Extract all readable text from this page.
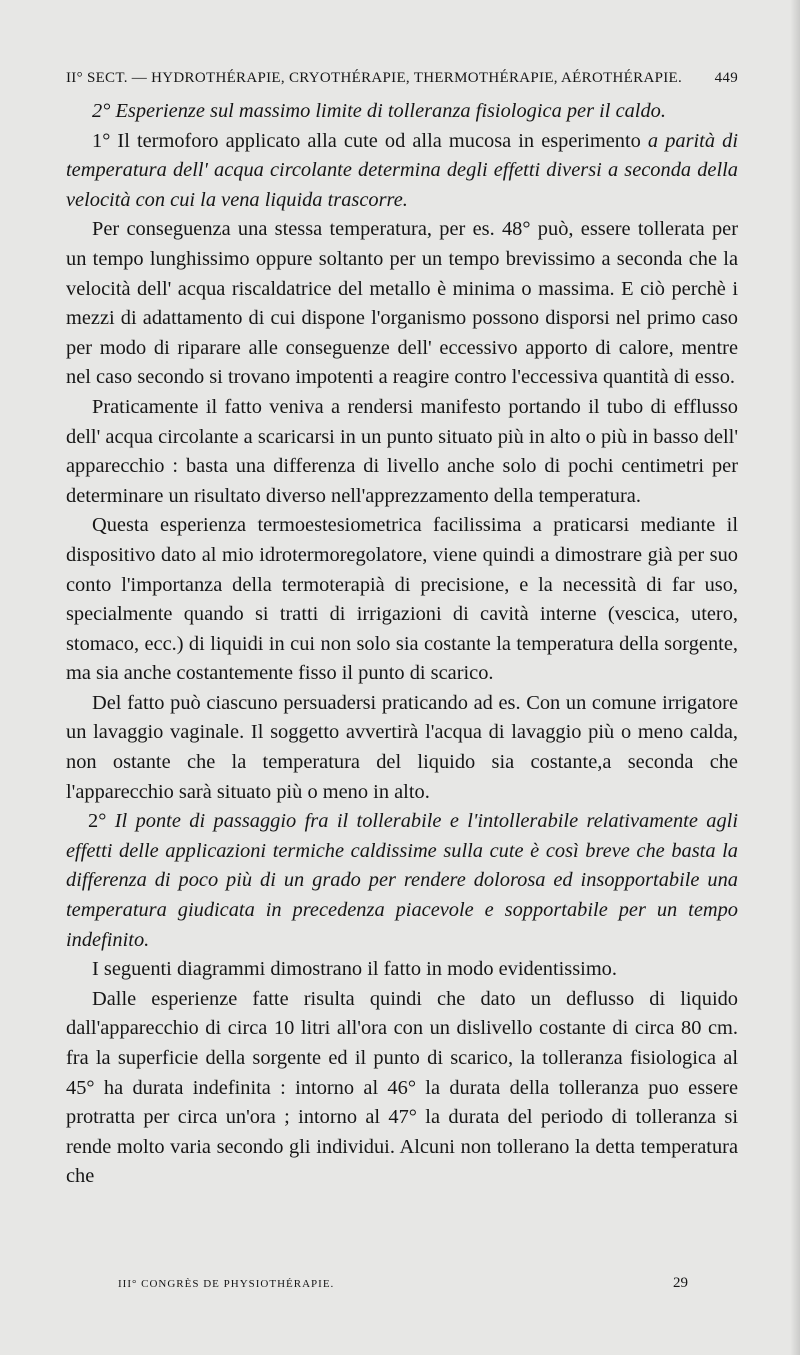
II° SECT. — HYDROTHÉRAPIE, CRYOTHÉRAPIE, THERMOTHÉRAPIE, AÉROTHÉRAPIE. 449

2° Esperienze sul massimo limite di tolleranza fisiologica per il caldo.

1° Il termoforo applicato alla cute od alla mucosa in esperimento a parità di temperatura dell' acqua circolante determina degli effetti diversi a seconda della velocità con cui la vena liquida trascorre.

Per conseguenza una stessa temperatura, per es. 48° può, essere tollerata per un tempo lunghissimo oppure soltanto per un tempo brevissimo a seconda che la velocità dell' acqua riscaldatrice del metallo è minima o massima. E ciò perchè i mezzi di adattamento di cui dispone l'organismo possono disporsi nel primo caso per modo di riparare alle conseguenze dell' eccessivo apporto di calore, mentre nel caso secondo si trovano impotenti a reagire contro l'eccessiva quantità di esso.

Praticamente il fatto veniva a rendersi manifesto portando il tubo di efflusso dell' acqua circolante a scaricarsi in un punto situato più in alto o più in basso dell' apparecchio : basta una differenza di livello anche solo di pochi centimetri per determinare un risultato diverso nell'apprezzamento della temperatura.

Questa esperienza termoestesiometrica facilissima a praticarsi mediante il dispositivo dato al mio idrotermoregolatore, viene quindi a dimostrare già per suo conto l'importanza della termoterapià di precisione, e la necessità di far uso, specialmente quando si tratti di irrigazioni di cavità interne (vescica, utero, stomaco, ecc.) di liquidi in cui non solo sia costante la temperatura della sorgente, ma sia anche costantemente fisso il punto di scarico.

Del fatto può ciascuno persuadersi praticando ad es. Con un comune irrigatore un lavaggio vaginale. Il soggetto avvertirà l'acqua di lavaggio più o meno calda, non ostante che la temperatura del liquido sia costante,a seconda che l'apparecchio sarà situato più o meno in alto.

2° Il ponte di passaggio fra il tollerabile e l'intollerabile relativamente agli effetti delle applicazioni termiche caldissime sulla cute è così breve che basta la differenza di poco più di un grado per rendere dolorosa ed insopportabile una temperatura giudicata in precedenza piacevole e sopportabile per un tempo indefinito.

I seguenti diagrammi dimostrano il fatto in modo evidentissimo.

Dalle esperienze fatte risulta quindi che dato un deflusso di liquido dall'apparecchio di circa 10 litri all'ora con un dislivello costante di circa 80 cm. fra la superficie della sorgente ed il punto di scarico, la tolleranza fisiologica al 45° ha durata indefinita : intorno al 46° la durata della tolleranza puo essere protratta per circa un'ora ; intorno al 47° la durata del periodo di tolleranza si rende molto varia secondo gli individui. Alcuni non tollerano la detta temperatura che

III° CONGRÈS DE PHYSIOTHÉRAPIE.	29
